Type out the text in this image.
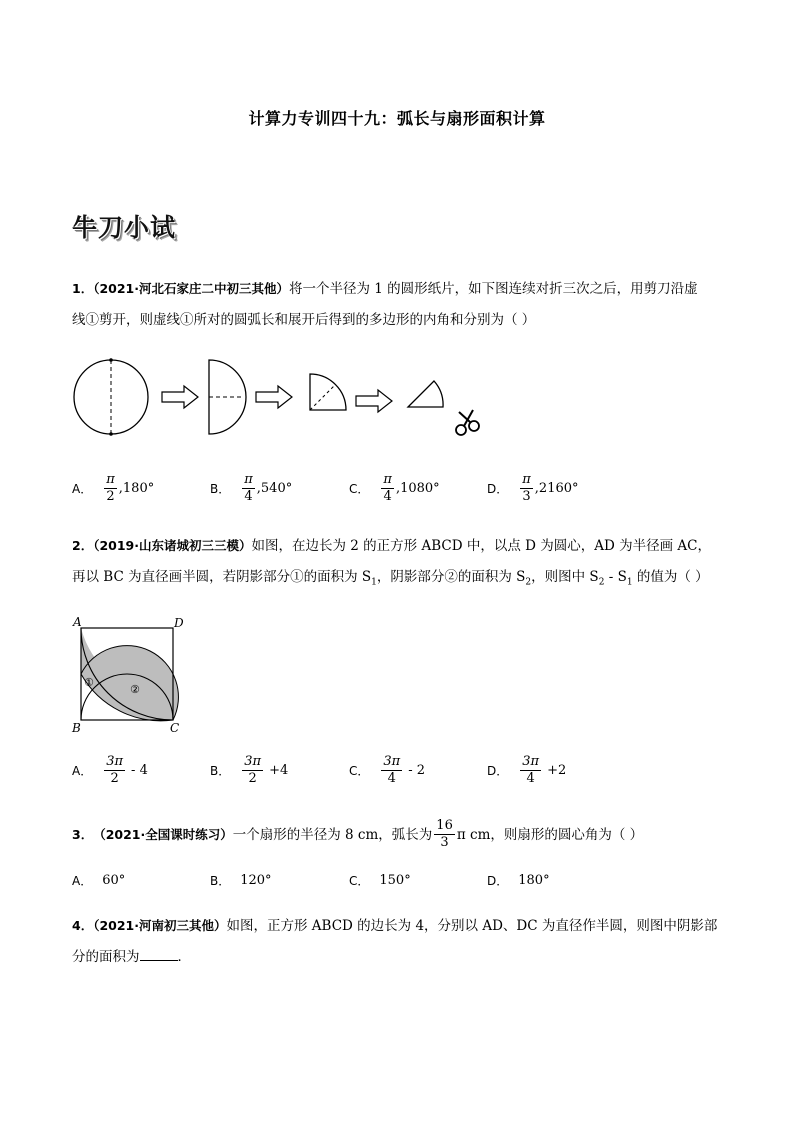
计算力专训四十九：弧长与扇形面积计算
牛刀小试
1．（2021·河北石家庄二中初三其他）将一个半径为 1 的圆形纸片，如下图连续对折三次之后，用剪刀沿虚
线①剪开，则虚线①所对的圆弧长和展开后得到的多边形的内角和分别为（ ）
A． $\frac{\pi}{2} ,180^\circ$	B． $\frac{\pi}{4} ,540^\circ$	C． $\frac{\pi}{4} ,1080^\circ$	D． $\frac{\pi}{3} ,2160^\circ$
2．（2019·山东诸城初三三模）如图，在边长为 2 的正方形 ABCD 中，以点 D 为圆心，AD 为半径画 AC，
再以 BC 为直径画半圆，若阴影部分①的面积为 $S_1$，阴影部分②的面积为 $S_2$，则图中 $S_2 - S_1$ 的值为（ ）
A	D
B	C
①
②
A． $\frac{3\pi}{2} - 4$	B． $\frac{3\pi}{2} +4$	C． $\frac{3\pi}{4} - 2$	D． $\frac{3\pi}{4} +2$
3． （2021·全国课时练习） 一个扇形的半径为 8 cm，弧长为 $\frac{16}{3}$ π cm，则扇形的圆心角为（ ）
A． 60°	B． 120°	C． 150°	D． 180°
4．（2021·河南初三其他）如图，正方形 ABCD 的边长为 4，分别以 AD、DC 为直径作半圆，则图中阴影部
分的面积为	．
